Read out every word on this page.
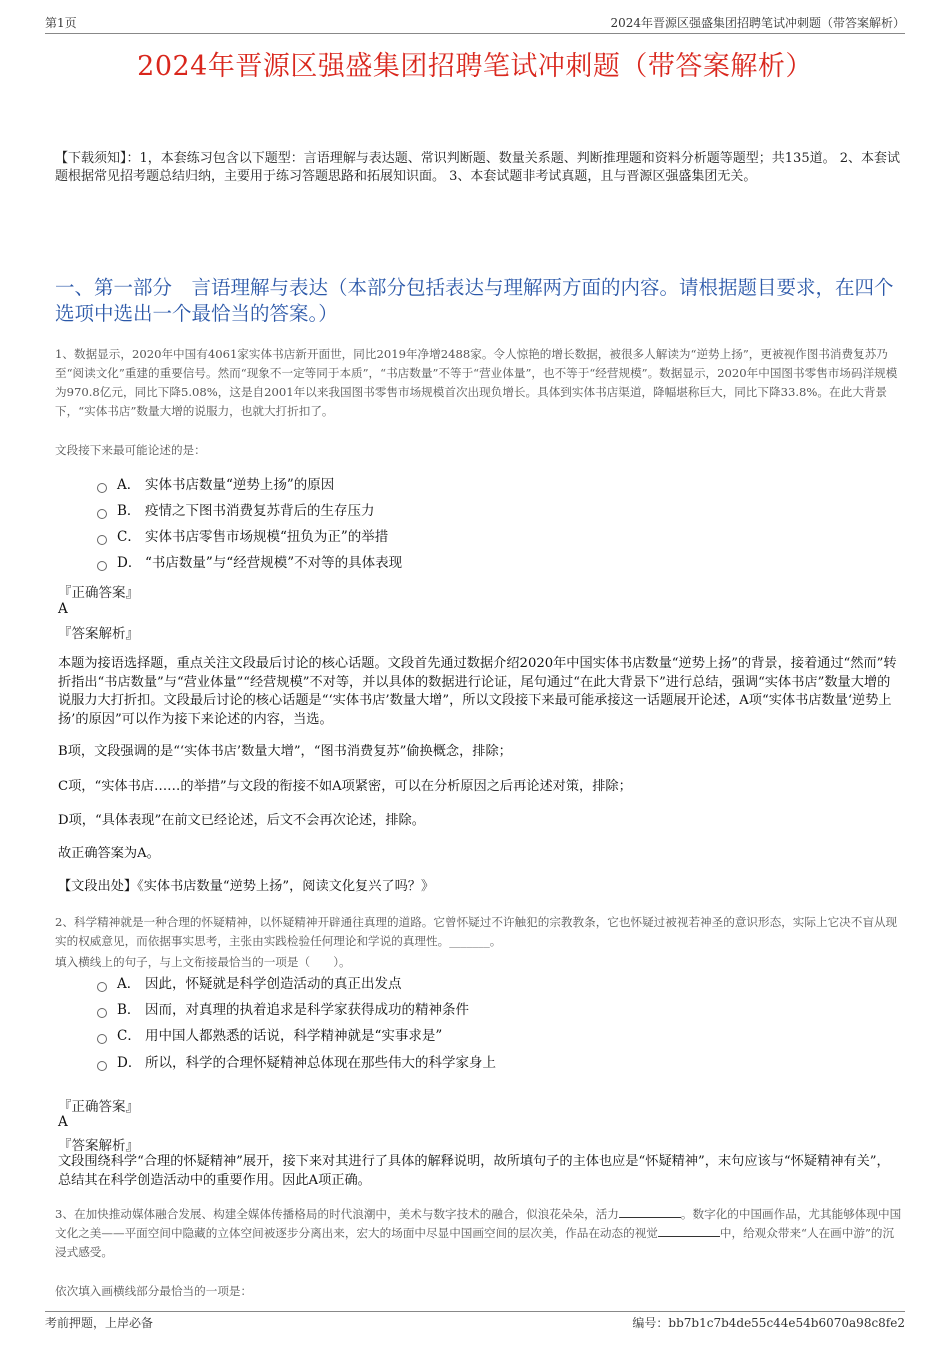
第1页	2024年晋源区强盛集团招聘笔试冲刺题（带答案解析）
2024年晋源区强盛集团招聘笔试冲刺题（带答案解析）
【下载须知】：1，本套练习包含以下题型：言语理解与表达题、常识判断题、数量关系题、判断推理题和资料分析题等题型；共135道。 2、本套试题根据常见招考题总结归纳，主要用于练习答题思路和拓展知识面。 3、本套试题非考试真题，且与晋源区强盛集团无关。
一、第一部分　言语理解与表达（本部分包括表达与理解两方面的内容。请根据题目要求，在四个选项中选出一个最恰当的答案。）
1、数据显示，2020年中国有4061家实体书店新开面世，同比2019年净增2488家。令人惊艳的增长数据，被很多人解读为“逆势上扬”，更被视作图书消费复苏乃至“阅读文化”重建的重要信号。然而“现象不一定等同于本质”，“书店数量”不等于“营业体量”，也不等于“经营规模”。数据显示，2020年中国图书零售市场码洋规模为970.8亿元，同比下降5.08%，这是自2001年以来我国图书零售市场规模首次出现负增长。具体到实体书店渠道，降幅堪称巨大，同比下降33.8%。在此大背景下，“实体书店”数量大增的说服力，也就大打折扣了。
文段接下来最可能论述的是：
A． 实体书店数量“逆势上扬”的原因
B． 疫情之下图书消费复苏背后的生存压力
C． 实体书店零售市场规模“扭负为正”的举措
D． “书店数量”与“经营规模”不对等的具体表现
『正确答案』
A
『答案解析』
本题为接语选择题，重点关注文段最后讨论的核心话题。文段首先通过数据介绍2020年中国实体书店数量“逆势上扬”的背景，接着通过“然而”转折指出“书店数量”与“营业体量”“经营规模”不对等，并以具体的数据进行论证，尾句通过“在此大背景下”进行总结，强调“实体书店”数量大增的说服力大打折扣。文段最后讨论的核心话题是“‘实体书店’数量大增”，所以文段接下来最可能承接这一话题展开论述，A项“实体书店数量‘逆势上扬’的原因”可以作为接下来论述的内容，当选。
B项，文段强调的是“‘实体书店’数量大增”，“图书消费复苏”偷换概念，排除；
C项，“实体书店……的举措”与文段的衔接不如A项紧密，可以在分析原因之后再论述对策，排除；
D项，“具体表现”在前文已经论述，后文不会再次论述，排除。
故正确答案为A。
【文段出处】《实体书店数量“逆势上扬”，阅读文化复兴了吗？》
2、科学精神就是一种合理的怀疑精神，以怀疑精神开辟通往真理的道路。它曾怀疑过不许触犯的宗教教条，它也怀疑过被视若神圣的意识形态，实际上它决不盲从现实的权威意见，而依据事实思考，主张由实践检验任何理论和学说的真理性。_______。
填入横线上的句子，与上文衔接最恰当的一项是（　　）。
A． 因此，怀疑就是科学创造活动的真正出发点
B． 因而，对真理的执着追求是科学家获得成功的精神条件
C． 用中国人都熟悉的话说，科学精神就是“实事求是”
D． 所以，科学的合理怀疑精神总体现在那些伟大的科学家身上
『正确答案』
A
『答案解析』
文段围绕科学“合理的怀疑精神”展开，接下来对其进行了具体的解释说明，故所填句子的主体也应是“怀疑精神”，末句应该与“怀疑精神有关”，总结其在科学创造活动中的重要作用。因此A项正确。
3、在加快推动媒体融合发展、构建全媒体传播格局的时代浪潮中，美术与数字技术的融合，似浪花朵朵，活力	。数字化的中国画作品，尤其能够体现中国文化之美——平面空间中隐藏的立体空间被逐步分离出来，宏大的场面中尽显中国画空间的层次美，作品在动态的视觉	中，给观众带来“人在画中游”的沉浸式感受。
依次填入画横线部分最恰当的一项是：
考前押题，上岸必备	编号：bb7b1c7b4de55c44e54b6070a98c8fe2
